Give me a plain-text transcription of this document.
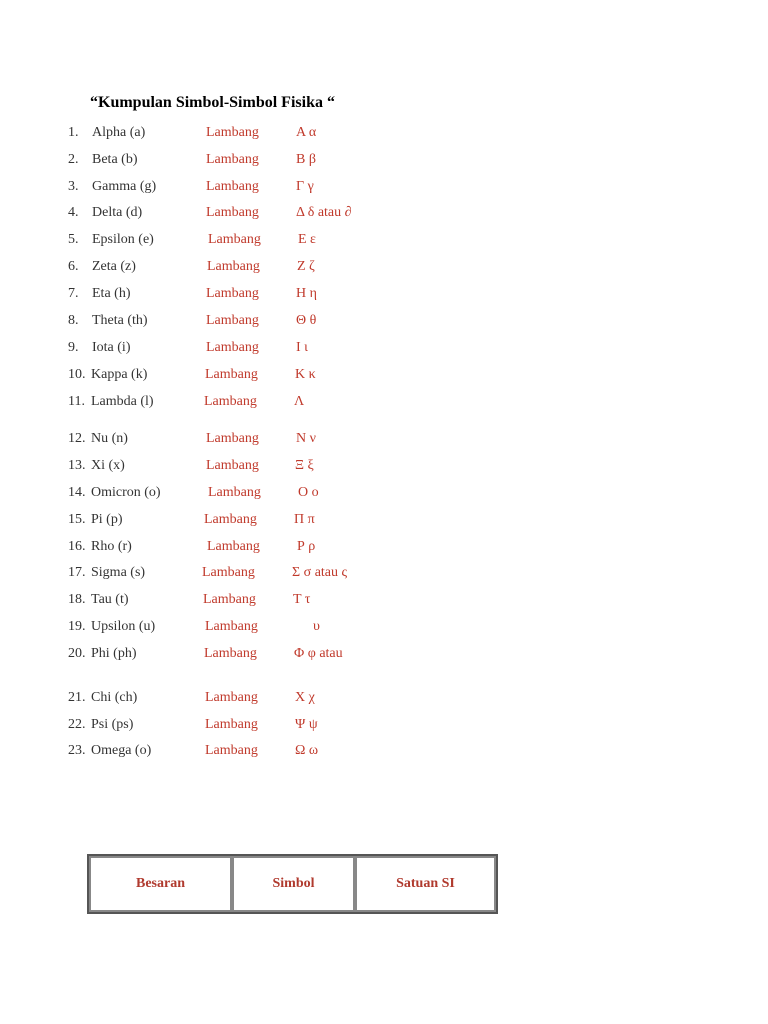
“Kumpulan Simbol-Simbol Fisika “
1. Alpha (a)	Lambang	Α α
2. Beta (b)	Lambang	Β β
3. Gamma (g)	Lambang	Γ γ
4. Delta (d)	Lambang	Δ δ atau ∂
5. Epsilon (e)	Lambang	Ε ε
6. Zeta (z)	Lambang	Ζ ζ
7. Eta (h)	Lambang	Η η
8. Theta (th)	Lambang	Θ θ
9. Iota (i)	Lambang	Ι ι
10. Kappa (k)	Lambang	Κ κ
11. Lambda (l)	Lambang	Λ
12. Nu (n)	Lambang	Ν ν
13. Xi (x)	Lambang	Ξ ξ
14. Omicron (o)	Lambang	Ο ο
15. Pi (p)	Lambang	Π π
16. Rho (r)	Lambang	Ρ ρ
17. Sigma (s)	Lambang	Σ σ atau ς
18. Tau (t)	Lambang	Τ τ
19. Upsilon (u)	Lambang	υ
20. Phi (ph)	Lambang	Φ φ atau
21. Chi (ch)	Lambang	Χ χ
22. Psi (ps)	Lambang	Ψ ψ
23. Omega (o)	Lambang	Ω ω
Besaran	Simbol	Satuan SI
